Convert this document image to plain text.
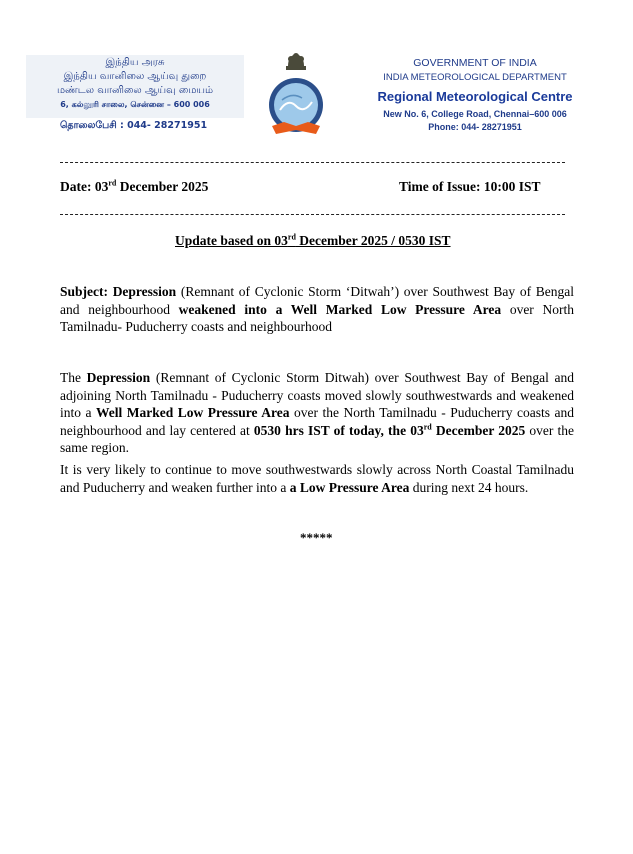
இந்திய அரசு
இந்திய வானிலை ஆய்வு துறை
மண்டல வானிலை ஆய்வு மையம்
6, கல்லூரி சாலை, சென்னை – 600 006
தொலைபேசி : 044- 28271951
GOVERNMENT OF INDIA
INDIA METEOROLOGICAL DEPARTMENT
Regional Meteorological Centre
New No. 6, College Road, Chennai–600 006
Phone: 044- 28271951
Date: 03rd December 2025	Time of Issue: 10:00 IST
Update based on 03rd December 2025 / 0530 IST
Subject: Depression (Remnant of Cyclonic Storm ‘Ditwah’) over Southwest Bay of Bengal and neighbourhood weakened into a Well Marked Low Pressure Area over North Tamilnadu- Puducherry coasts and neighbourhood
The Depression (Remnant of Cyclonic Storm Ditwah) over Southwest Bay of Bengal and adjoining North Tamilnadu - Puducherry coasts moved slowly southwestwards and weakened into a Well Marked Low Pressure Area over the North Tamilnadu - Puducherry coasts and neighbourhood and lay centered at 0530 hrs IST of today, the 03rd December 2025 over the same region.
It is very likely to continue to move southwestwards slowly across North Coastal Tamilnadu and Puducherry and weaken further into a a Low Pressure Area during next 24 hours.
*****
